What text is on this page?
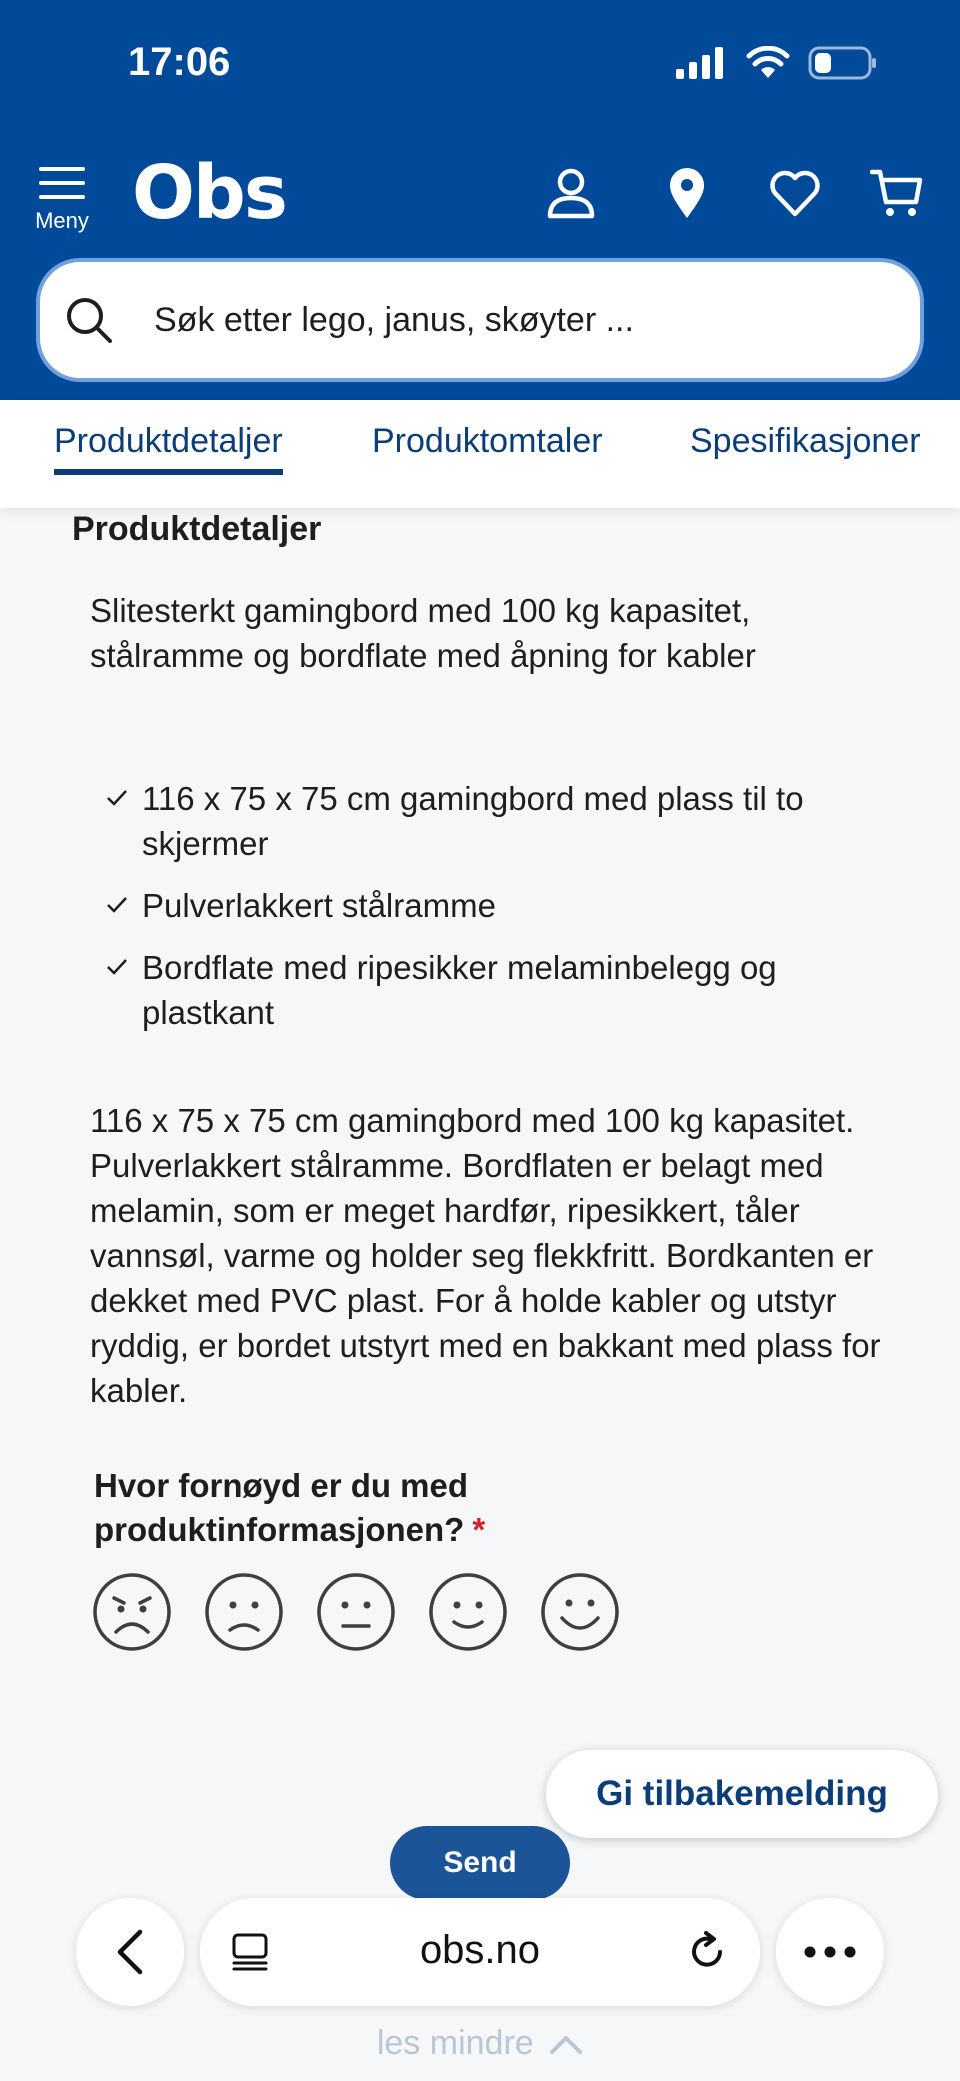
17:06
Meny Obs
Søk etter lego, janus, skøyter ...
Produktdetaljer	Produktomtaler	Spesifikasjoner
Produktdetaljer

Slitesterkt gamingbord med 100 kg kapasitet, stålramme og bordflate med åpning for kabler

116 x 75 x 75 cm gamingbord med plass til to skjermer
Pulverlakkert stålramme
Bordflate med ripesikker melaminbelegg og plastkant

116 x 75 x 75 cm gamingbord med 100 kg kapasitet. Pulverlakkert stålramme. Bordflaten er belagt med melamin, som er meget hardfør, ripesikkert, tåler vannsøl, varme og holder seg flekkfritt. Bordkanten er dekket med PVC plast. For å holde kabler og utstyr ryddig, er bordet utstyrt med en bakkant med plass for kabler.

Hvor fornøyd er du med produktinformasjonen? *
Gi tilbakemelding
Send
obs.no
les mindre
